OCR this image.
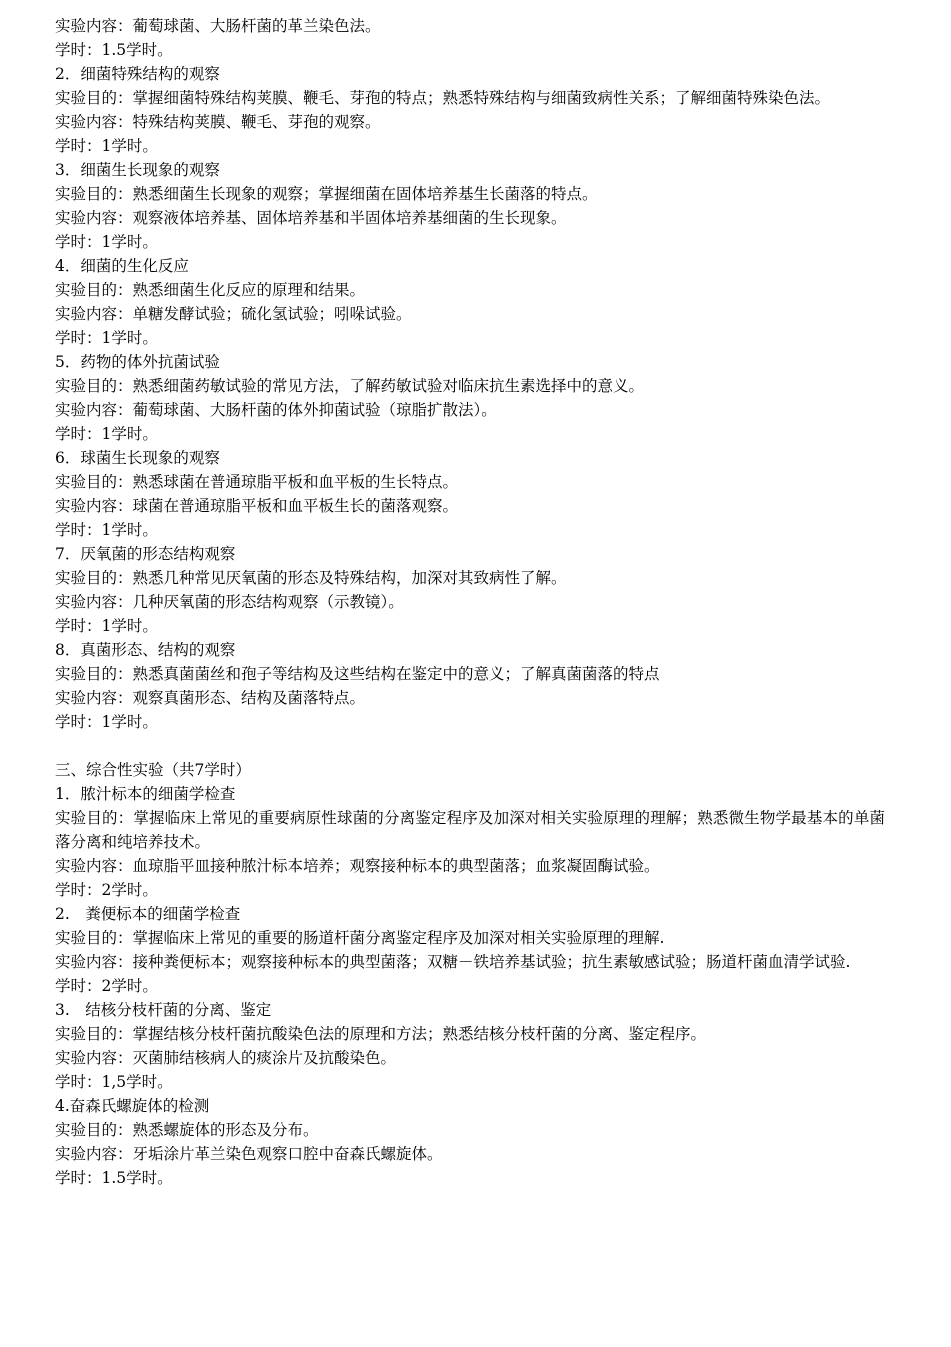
实验内容：葡萄球菌、大肠杆菌的革兰染色法。
学时：1.5学时。
2．细菌特殊结构的观察
实验目的：掌握细菌特殊结构荚膜、鞭毛、芽孢的特点；熟悉特殊结构与细菌致病性关系；了解细菌特殊染色法。
实验内容：特殊结构荚膜、鞭毛、芽孢的观察。
学时：1学时。
3．细菌生长现象的观察
实验目的：熟悉细菌生长现象的观察；掌握细菌在固体培养基生长菌落的特点。
实验内容：观察液体培养基、固体培养基和半固体培养基细菌的生长现象。
学时：1学时。
4．细菌的生化反应
实验目的：熟悉细菌生化反应的原理和结果。
实验内容：单糖发酵试验；硫化氢试验；吲哚试验。
学时：1学时。
5．药物的体外抗菌试验
实验目的：熟悉细菌药敏试验的常见方法，了解药敏试验对临床抗生素选择中的意义。
实验内容：葡萄球菌、大肠杆菌的体外抑菌试验（琼脂扩散法）。
学时：1学时。
6．球菌生长现象的观察
实验目的：熟悉球菌在普通琼脂平板和血平板的生长特点。
实验内容：球菌在普通琼脂平板和血平板生长的菌落观察。
学时：1学时。
7．厌氧菌的形态结构观察
实验目的：熟悉几种常见厌氧菌的形态及特殊结构，加深对其致病性了解。
实验内容：几种厌氧菌的形态结构观察（示教镜）。
学时：1学时。
8．真菌形态、结构的观察
实验目的：熟悉真菌菌丝和孢子等结构及这些结构在鉴定中的意义；了解真菌菌落的特点
实验内容：观察真菌形态、结构及菌落特点。
学时：1学时。
三、综合性实验（共7学时）
1．脓汁标本的细菌学检查
实验目的：掌握临床上常见的重要病原性球菌的分离鉴定程序及加深对相关实验原理的理解；熟悉微生物学最基本的单菌落分离和纯培养技术。
实验内容：血琼脂平皿接种脓汁标本培养；观察接种标本的典型菌落；血浆凝固酶试验。
学时：2学时。
2.　粪便标本的细菌学检查
实验目的：掌握临床上常见的重要的肠道杆菌分离鉴定程序及加深对相关实验原理的理解.
实验内容：接种粪便标本；观察接种标本的典型菌落；双糖－铁培养基试验；抗生素敏感试验；肠道杆菌血清学试验.
学时：2学时。
3.　结核分枝杆菌的分离、鉴定
实验目的：掌握结核分枝杆菌抗酸染色法的原理和方法；熟悉结核分枝杆菌的分离、鉴定程序。
实验内容：灭菌肺结核病人的痰涂片及抗酸染色。
学时：1,5学时。
4.奋森氏螺旋体的检测
实验目的：熟悉螺旋体的形态及分布。
实验内容：牙垢涂片革兰染色观察口腔中奋森氏螺旋体。
学时：1.5学时。
